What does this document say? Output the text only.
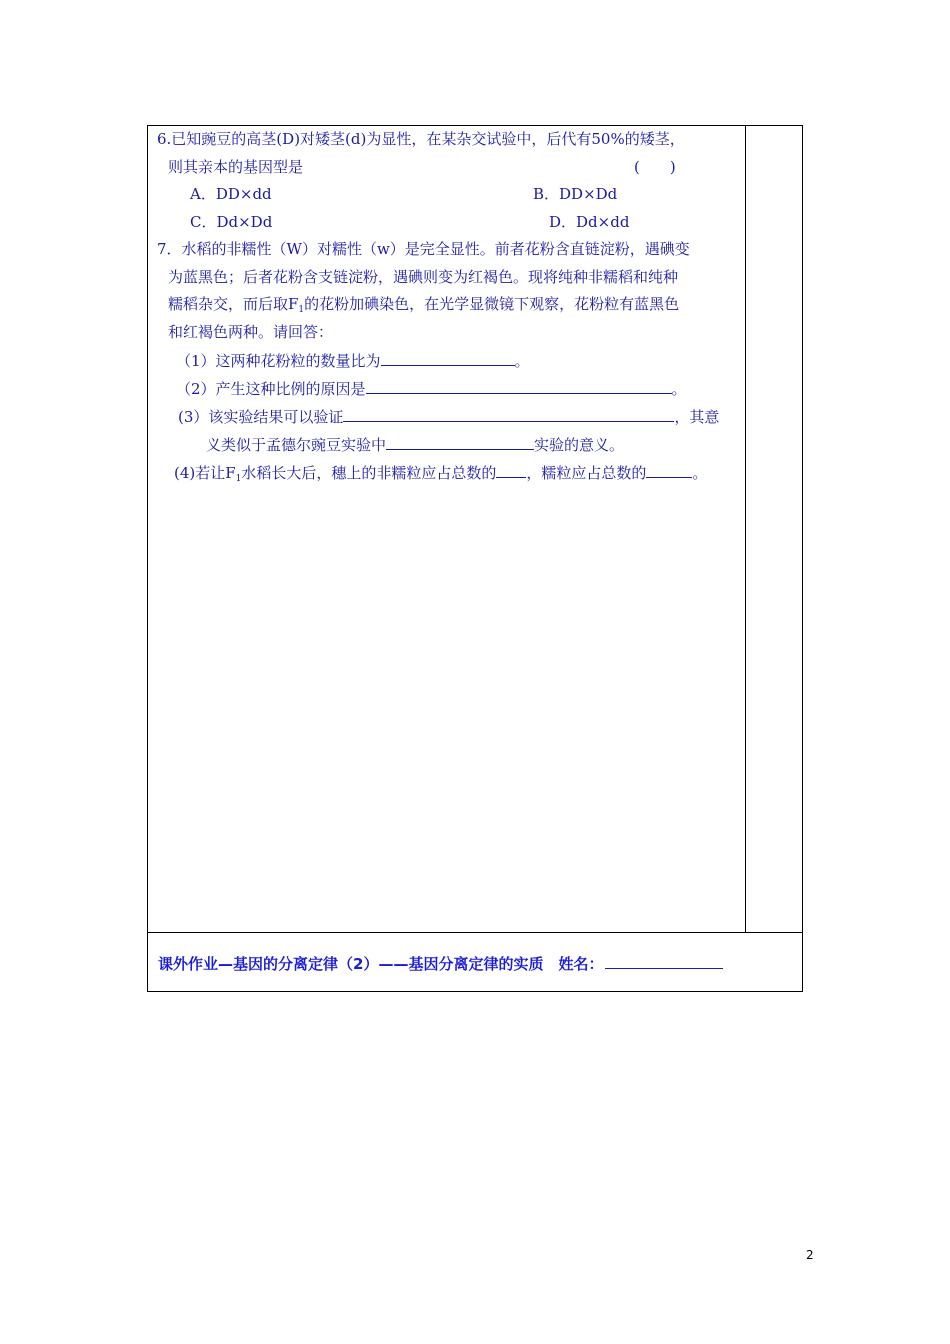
6.已知豌豆的高茎(D)对矮茎(d)为显性，在某杂交试验中，后代有50%的矮茎，
则其亲本的基因型是	(　　)
A．DD×dd	B．DD×Dd
C．Dd×Dd	D．Dd×dd
7．水稻的非糯性（W）对糯性（w）是完全显性。前者花粉含直链淀粉，遇碘变
为蓝黑色；后者花粉含支链淀粉，遇碘则变为红褐色。现将纯种非糯稻和纯种
糯稻杂交，而后取$F_1$的花粉加碘染色，在光学显微镜下观察，花粉粒有蓝黑色
和红褐色两种。请回答：
（1）这两种花粉粒的数量比为	。
（2）产生这种比例的原因是	。
(3）该实验结果可以验证	，其意
义类似于孟德尔豌豆实验中	实验的意义。
(4)若让$F_1$水稻长大后，穗上的非糯粒应占总数的 ，糯粒应占总数的	。
课外作业—基因的分离定律（2）——基因分离定律的实质　 姓名：
2
